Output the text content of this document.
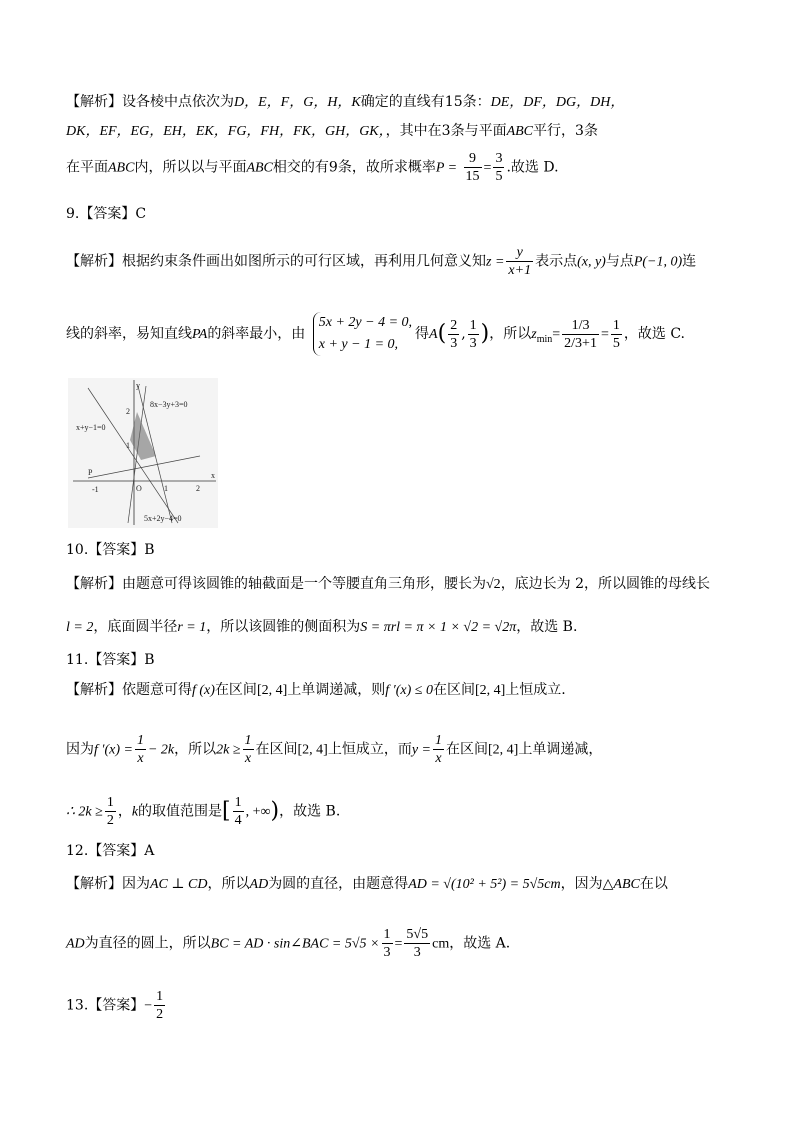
【解析】设各棱中点依次为D，E，F，G，H，K确定的直线有15条：DE，DF，DG，DH，
DK，EF，EG，EH，EK，FG，FH，FK，GH，GK，，其中在3条与平面ABC平行，3条
在平面ABC内，所以以与平面ABC相交的有9条，故所求概率$P = \frac{9}{15} = \frac{3}{5}$ .故选 D.
9.【答案】C
【解析】根据约束条件画出如图所示的可行区域，再利用几何意义知$z = \frac{y}{x+1}$ 表示点(x, y)与点P(−1, 0)连
线的斜率，易知直线PA的斜率最小，由
5x + 2y − 4 = 0,
x + y − 1 = 0,
得$A( \frac{2}{3}$ , $\frac{1}{3}$ )，所以$z_{min}= \frac{1/3}{2/3+1} = \frac{1}{5}$ ，故选 C.
8x−3y+3=0
x+y−1=0
5x+2y−4=0
y
x
O
P
-1	1	2
2
1
10.【答案】B
【解析】由题意可得该圆锥的轴截面是一个等腰直角三角形，腰长为√2，底边长为 2，所以圆锥的母线长
l = 2，底面圆半径r = 1，所以该圆锥的侧面积为S = πrl = π × 1 × √2 = √2π，故选 B.
11.【答案】B
【解析】依题意可得f (x)在区间[2, 4]上单调递减，则f ′(x) ≤ 0在区间[2, 4]上恒成立.
因为f $'(x) = \frac{1}{x} - 2k$，所以$2k \ge \frac{1}{x}$ 在区间[2, 4]上恒成立，而$y = \frac{1}{x}$ 在区间[2, 4]上单调递减，
∴ $2k \ge \frac{1}{2}$ ，k的取值范围是[ $\frac{1}{4}$ , +∞)，故选 B.
12.【答案】A
【解析】因为AC ⊥ CD，所以AD为圆的直径，由题意得AD = √(10² + 5²) = 5√5cm，因为△ABC在以
AD为直径的圆上，所以BC = AD · sin∠BAC = $5√5 \times \frac{1}{3} = \frac{5√5}{3}$ cm，故选 A.
13.【答案】− $\frac{1}{2}$
